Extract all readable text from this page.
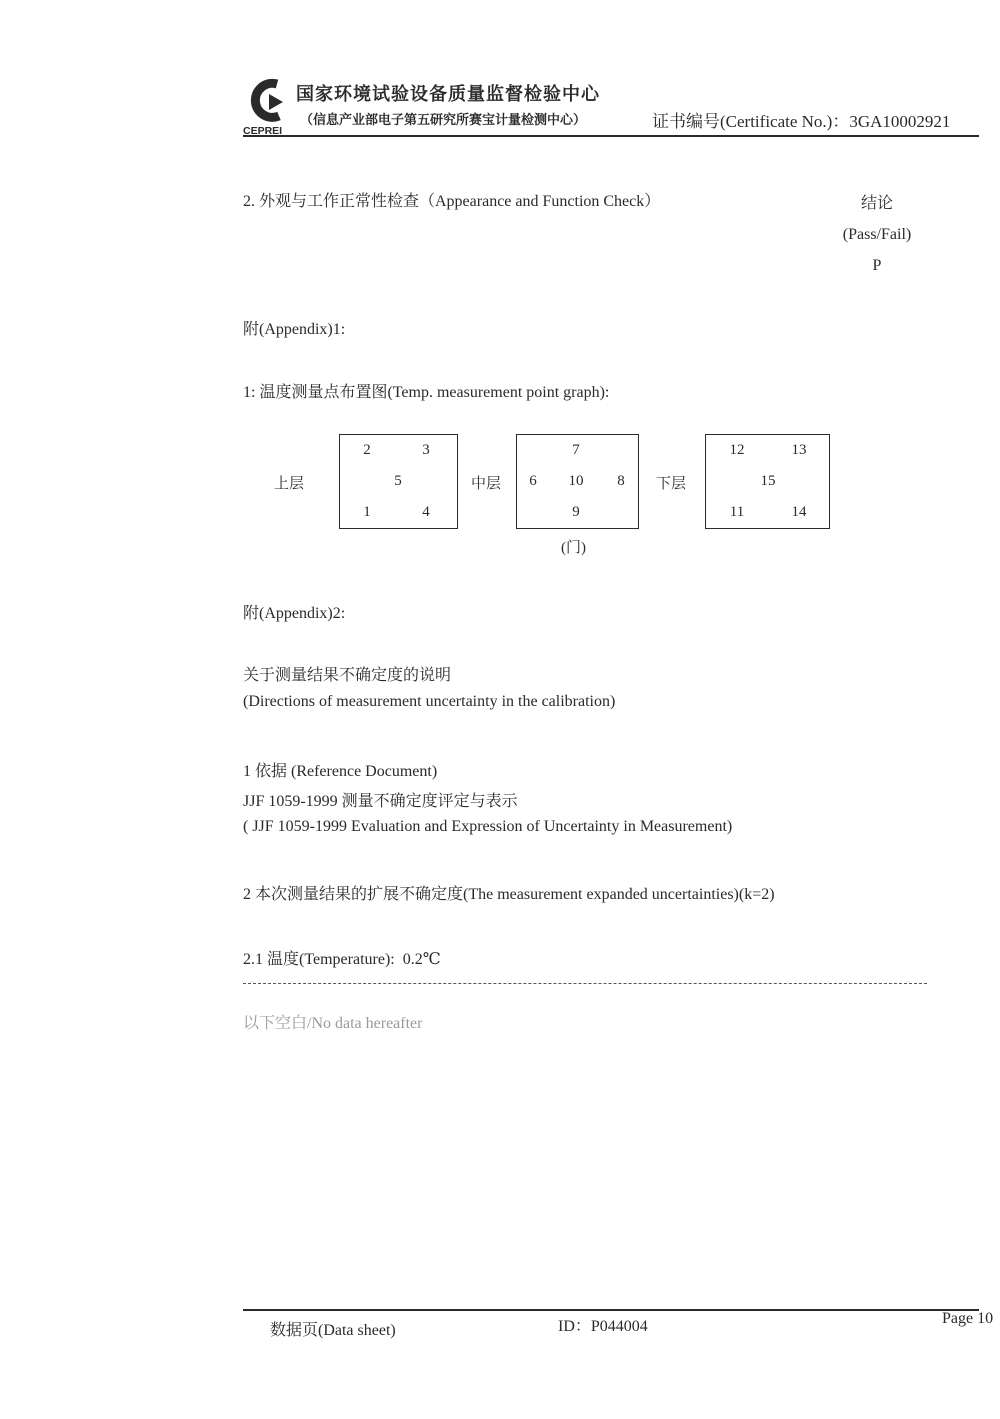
CEPREI
国家环境试验设备质量监督检验中心
（信息产业部电子第五研究所赛宝计量检测中心）	证书编号(Certificate No.)：3GA10002921
2. 外观与工作正常性检查（Appearance and Function Check）	结论
(Pass/Fail)
P
附(Appendix)1:
1: 温度测量点布置图(Temp. measurement point graph):
上层
2	3
5
1	4
中层
7
6 10 8
9
(门)
下层
12	13
15
11	14
附(Appendix)2:
关于测量结果不确定度的说明
(Directions of measurement uncertainty in the calibration)
1 依据 (Reference Document)
JJF 1059-1999 测量不确定度评定与表示
( JJF 1059-1999 Evaluation and Expression of Uncertainty in Measurement)
2 本次测量结果的扩展不确定度(The measurement expanded uncertainties)(k=2)
2.1 温度(Temperature): 0.2℃
以下空白/No data hereafter
数据页(Data sheet)	ID：P044004	Page 10
